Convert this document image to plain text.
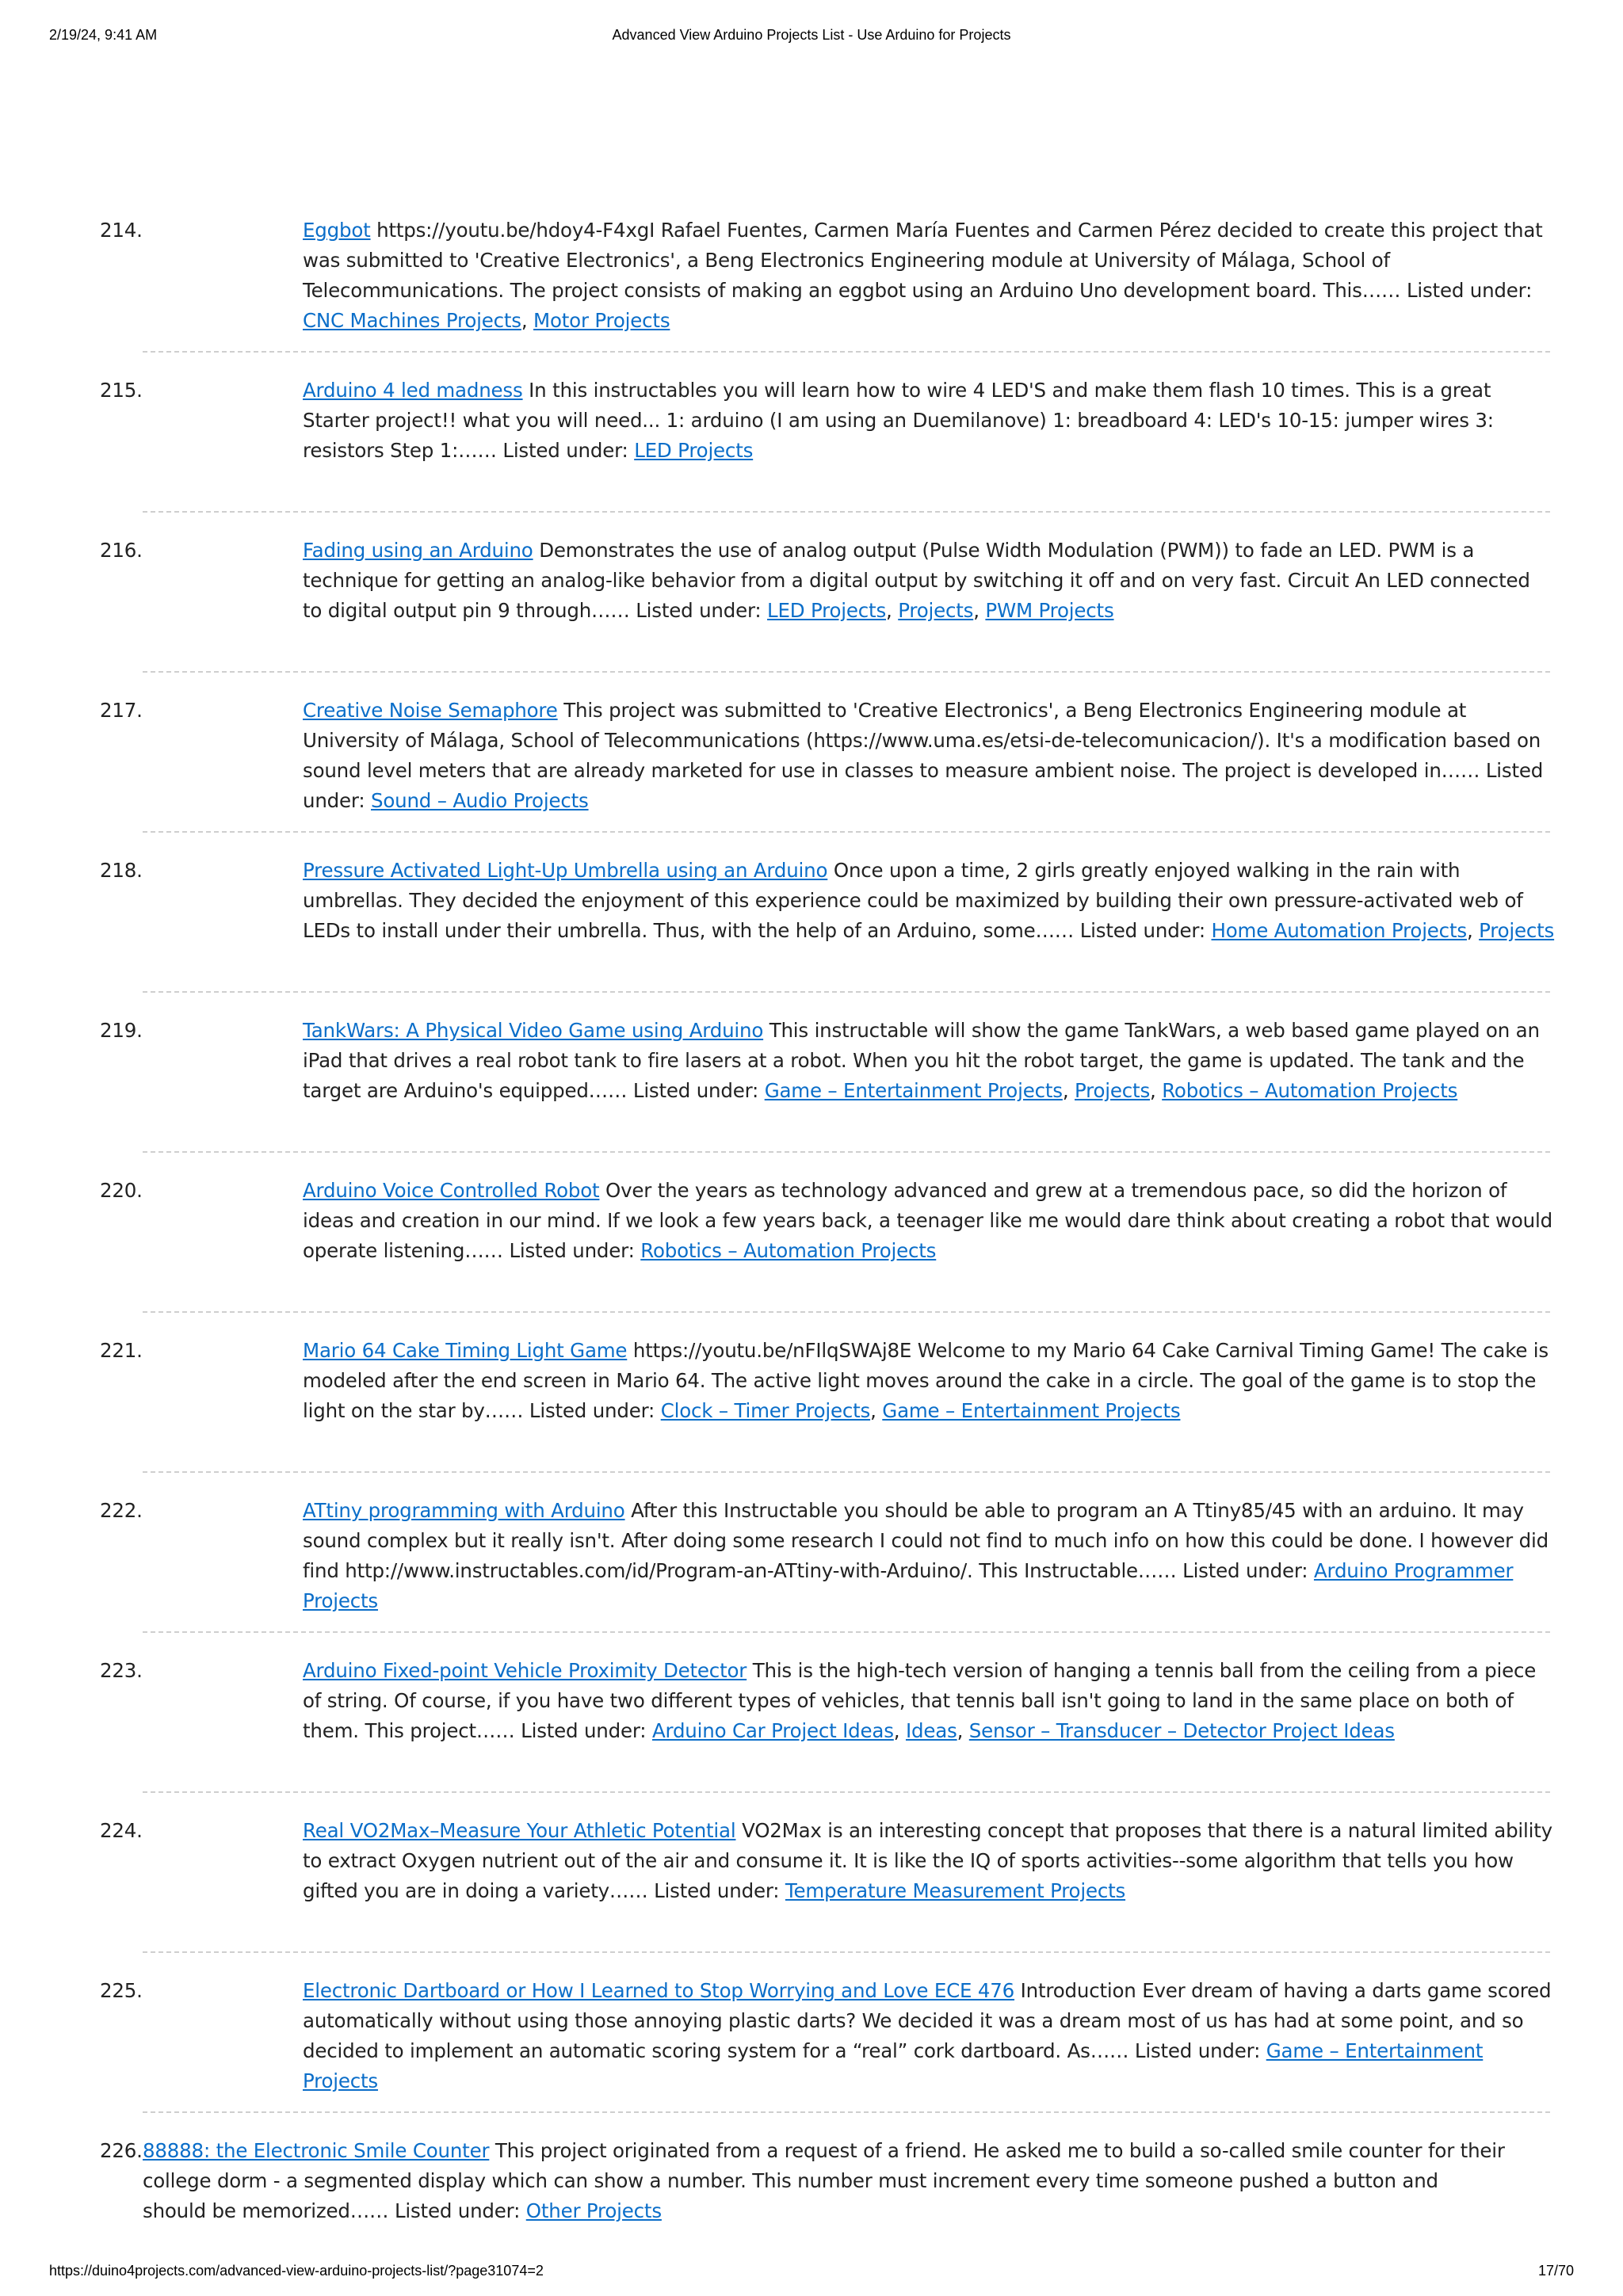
2/19/24, 9:41 AM	Advanced View Arduino Projects List - Use Arduino for Projects
214.	Eggbot https://youtu.be/hdoy4-F4xgI Rafael Fuentes, Carmen María Fuentes and Carmen Pérez decided to create this project that was submitted to 'Creative Electronics', a Beng Electronics Engineering module at University of Málaga, School of Telecommunications. The project consists of making an eggbot using an Arduino Uno development board. This…… Listed under: CNC Machines Projects, Motor Projects
215.	Arduino 4 led madness In this instructables you will learn how to wire 4 LED'S and make them flash 10 times. This is a great Starter project!! what you will need... 1: arduino (I am using an Duemilanove) 1: breadboard 4: LED's 10-15: jumper wires 3: resistors Step 1:…… Listed under: LED Projects
216.	Fading using an Arduino Demonstrates the use of analog output (Pulse Width Modulation (PWM)) to fade an LED. PWM is a technique for getting an analog-like behavior from a digital output by switching it off and on very fast. Circuit An LED connected to digital output pin 9 through…… Listed under: LED Projects, Projects, PWM Projects
217.	Creative Noise Semaphore This project was submitted to 'Creative Electronics', a Beng Electronics Engineering module at University of Málaga, School of Telecommunications (https://www.uma.es/etsi-de-telecomunicacion/). It's a modification based on sound level meters that are already marketed for use in classes to measure ambient noise. The project is developed in…… Listed under: Sound – Audio Projects
218.	Pressure Activated Light-Up Umbrella using an Arduino Once upon a time, 2 girls greatly enjoyed walking in the rain with umbrellas. They decided the enjoyment of this experience could be maximized by building their own pressure-activated web of LEDs to install under their umbrella. Thus, with the help of an Arduino, some…… Listed under: Home Automation Projects, Projects
219.	TankWars: A Physical Video Game using Arduino This instructable will show the game TankWars, a web based game played on an iPad that drives a real robot tank to fire lasers at a robot. When you hit the robot target, the game is updated. The tank and the target are Arduino's equipped…… Listed under: Game – Entertainment Projects, Projects, Robotics – Automation Projects
220.	Arduino Voice Controlled Robot Over the years as technology advanced and grew at a tremendous pace, so did the horizon of ideas and creation in our mind. If we look a few years back, a teenager like me would dare think about creating a robot that would operate listening…… Listed under: Robotics – Automation Projects
221.	Mario 64 Cake Timing Light Game https://youtu.be/nFIlqSWAj8E Welcome to my Mario 64 Cake Carnival Timing Game! The cake is modeled after the end screen in Mario 64. The active light moves around the cake in a circle. The goal of the game is to stop the light on the star by…… Listed under: Clock – Timer Projects, Game – Entertainment Projects
222.	ATtiny programming with Arduino After this Instructable you should be able to program an A Ttiny85/45 with an arduino. It may sound complex but it really isn't. After doing some research I could not find to much info on how this could be done. I however did find http://www.instructables.com/id/Program-an-ATtiny-with-Arduino/. This Instructable…… Listed under: Arduino Programmer Projects
223.	Arduino Fixed-point Vehicle Proximity Detector This is the high-tech version of hanging a tennis ball from the ceiling from a piece of string. Of course, if you have two different types of vehicles, that tennis ball isn't going to land in the same place on both of them. This project…… Listed under: Arduino Car Project Ideas, Ideas, Sensor – Transducer – Detector Project Ideas
224.	Real VO2Max–Measure Your Athletic Potential VO2Max is an interesting concept that proposes that there is a natural limited ability to extract Oxygen nutrient out of the air and consume it. It is like the IQ of sports activities--some algorithm that tells you how gifted you are in doing a variety…… Listed under: Temperature Measurement Projects
225.	Electronic Dartboard or How I Learned to Stop Worrying and Love ECE 476 Introduction Ever dream of having a darts game scored automatically without using those annoying plastic darts? We decided it was a dream most of us has had at some point, and so decided to implement an automatic scoring system for a “real” cork dartboard. As…… Listed under: Game – Entertainment Projects
226. 88888: the Electronic Smile Counter This project originated from a request of a friend. He asked me to build a so-called smile counter for their college dorm - a segmented display which can show a number. This number must increment every time someone pushed a button and should be memorized…… Listed under: Other Projects
https://duino4projects.com/advanced-view-arduino-projects-list/?page31074=2	17/70
